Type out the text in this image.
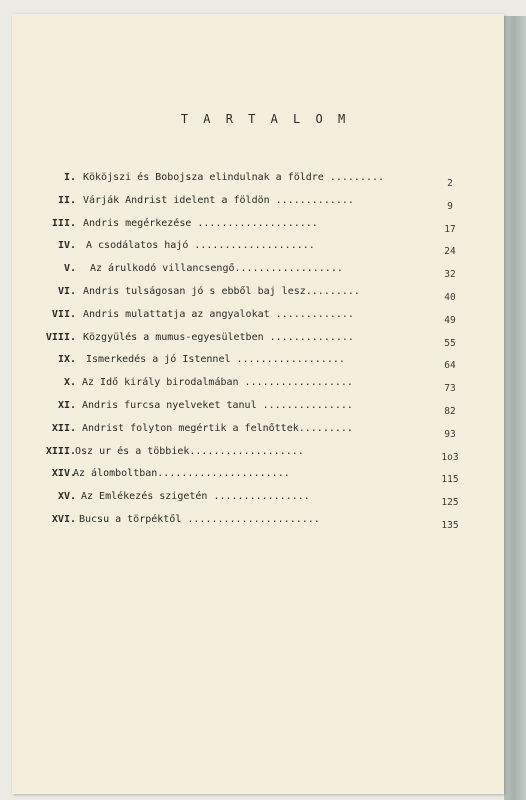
T A R T A L O M
I. Kököjszi és Bobojsza elindulnak a földre .........
2
II. Várják Andrist idelent a földön .............
9
III. Andris megérkezése ....................
17
IV. A csodálatos hajó ....................
24
V. Az árulkodó villancsengő..................
32
VI. Andris tulságosan jó s ebből baj lesz.........
40
VII. Andris mulattatja az angyalokat .............
49
VIII. Közgyülés a mumus-egyesületben ..............
55
IX. Ismerkedés a jó Istennel ..................
64
X. Az Idő király birodalmában ..................
73
XI. Andris furcsa nyelveket tanul ...............
82
XII. Andrist folyton megértik a felnőttek.........
93
XIII. Ősz ur és a többiek...................
1o3
XIV.
Az álomboltban......................
115
XV. Az Emlékezés szigetén ................
125
XVI. Bucsu a törpéktől ......................
135
